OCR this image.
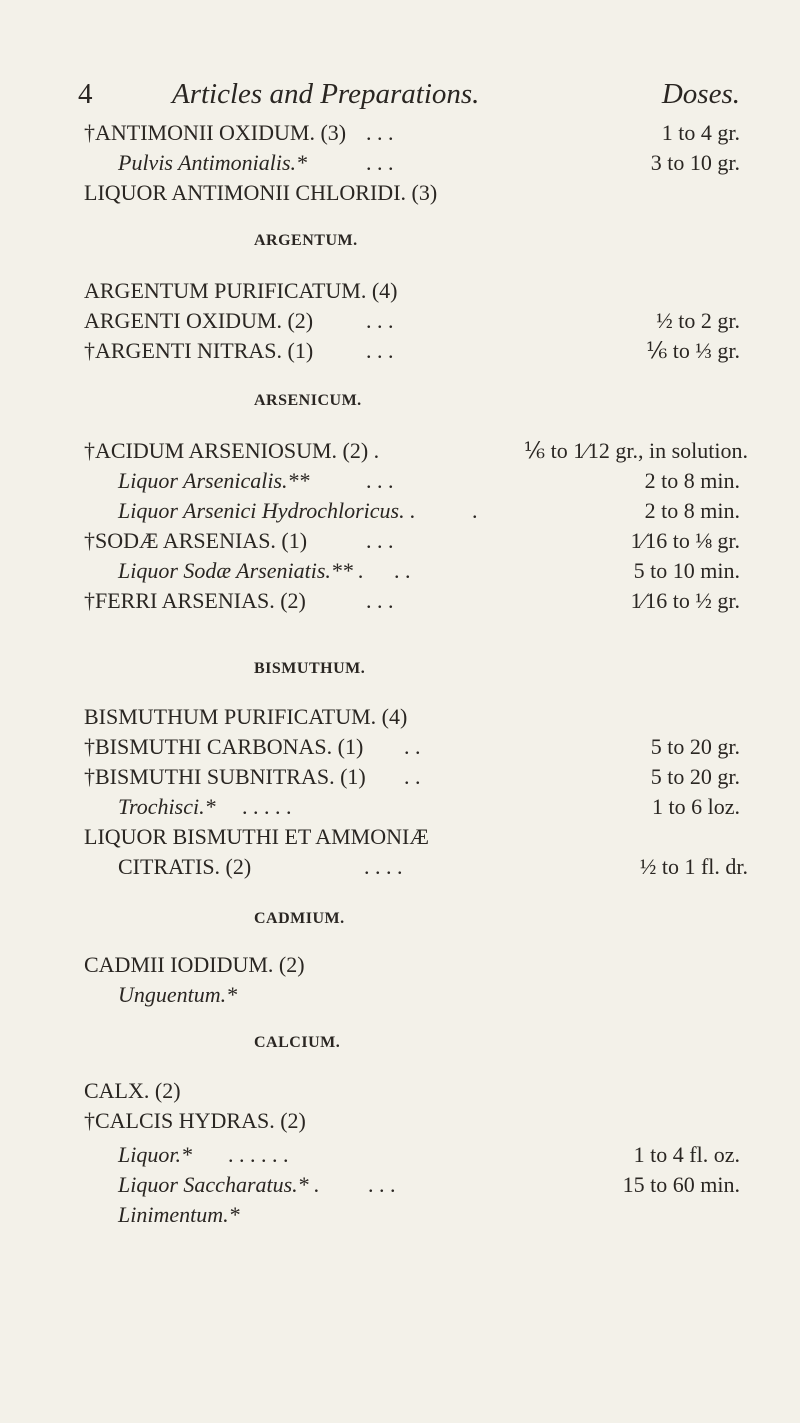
4	Articles and Preparations.	Doses.
†ANTIMONII OXIDUM. (3) . . .	1 to 4 gr.
Pulvis Antimonialis.*	. . .	3 to 10 gr.
LIQUOR ANTIMONII CHLORIDI. (3)
ARGENTUM.
ARGENTUM PURIFICATUM. (4)
ARGENTI OXIDUM. (2) . . .	½ to 2 gr.
†ARGENTI NITRAS. (1) . . .	⅙ to ⅓ gr.
ARSENICUM.
†ACIDUM ARSENIOSUM. (2) .	⅙ to 1⁄12 gr., in solution.
Liquor Arsenicalis.**	. . .	2 to 8 min.
Liquor Arsenici Hydrochloricus. .	.	2 to 8 min.
†SODÆ ARSENIAS. (1)	. . .	1⁄16 to ⅛ gr.
Liquor Sodæ Arseniatis.** . . .	5 to 10 min.
†FERRI ARSENIAS. (2)	. . .	1⁄16 to ½ gr.
BISMUTHUM.
BISMUTHUM PURIFICATUM. (4)
†BISMUTHI CARBONAS. (1) . .	5 to 20 gr.
†BISMUTHI SUBNITRAS. (1) . .	5 to 20 gr.
Trochisci.* . . . . .	1 to 6 loz.
LIQUOR BISMUTHI ET AMMONIÆ
CITRATIS. (2)	. . . .	½ to 1 fl. dr.
CADMIUM.
CADMII IODIDUM. (2)
Unguentum.*
CALCIUM.
CALX. (2)
†CALCIS HYDRAS. (2)
Liquor.* . . . . . .	1 to 4 fl. oz.
Liquor Saccharatus.* . . . .	15 to 60 min.
Linimentum.*
